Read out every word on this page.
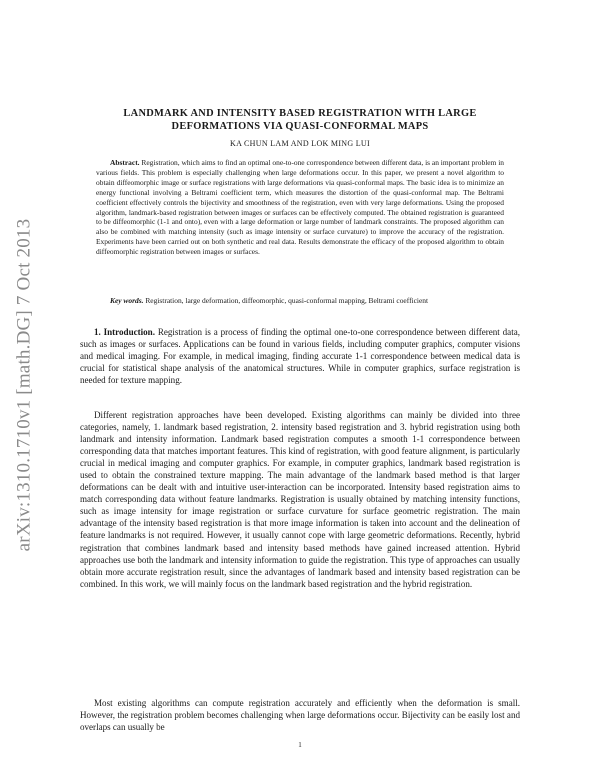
arXiv:1310.1710v1 [math.DG] 7 Oct 2013
LANDMARK AND INTENSITY BASED REGISTRATION WITH LARGE DEFORMATIONS VIA QUASI-CONFORMAL MAPS
KA CHUN LAM AND LOK MING LUI

Abstract. Registration, which aims to find an optimal one-to-one correspondence between different data, is an important problem in various fields. This problem is especially challenging when large deformations occur. In this paper, we present a novel algorithm to obtain diffeomorphic image or surface registrations with large deformations via quasi-conformal maps. The basic idea is to minimize an energy functional involving a Beltrami coefficient term, which measures the distortion of the quasi-conformal map. The Beltrami coefficient effectively controls the bijectivity and smoothness of the registration, even with very large deformations. Using the proposed algorithm, landmark-based registration between images or surfaces can be effectively computed. The obtained registration is guaranteed to be diffeomorphic (1-1 and onto), even with a large deformation or large number of landmark constraints. The proposed algorithm can also be combined with matching intensity (such as image intensity or surface curvature) to improve the accuracy of the registration. Experiments have been carried out on both synthetic and real data. Results demonstrate the efficacy of the proposed algorithm to obtain diffeomorphic registration between images or surfaces.

Key words. Registration, large deformation, diffeomorphic, quasi-conformal mapping, Beltrami coefficient

1. Introduction. Registration is a process of finding the optimal one-to-one correspondence between different data, such as images or surfaces. Applications can be found in various fields, including computer graphics, computer visions and medical imaging. For example, in medical imaging, finding accurate 1-1 correspondence between medical data is crucial for statistical shape analysis of the anatomical structures. While in computer graphics, surface registration is needed for texture mapping.

Different registration approaches have been developed. Existing algorithms can mainly be divided into three categories, namely, 1. landmark based registration, 2. intensity based registration and 3. hybrid registration using both landmark and intensity information. Landmark based registration computes a smooth 1-1 correspondence between corresponding data that matches important features. This kind of registration, with good feature alignment, is particularly crucial in medical imaging and computer graphics. For example, in computer graphics, landmark based registration is used to obtain the constrained texture mapping. The main advantage of the landmark based method is that larger deformations can be dealt with and intuitive user-interaction can be incorporated. Intensity based registration aims to match corresponding data without feature landmarks. Registration is usually obtained by matching intensity functions, such as image intensity for image registration or surface curvature for surface geometric registration. The main advantage of the intensity based registration is that more image information is taken into account and the delineation of feature landmarks is not required. However, it usually cannot cope with large geometric deformations. Recently, hybrid registration that combines landmark based and intensity based methods have gained increased attention. Hybrid approaches use both the landmark and intensity information to guide the registration. This type of approaches can usually obtain more accurate registration result, since the advantages of landmark based and intensity based registration can be combined. In this work, we will mainly focus on the landmark based registration and the hybrid registration.

Most existing algorithms can compute registration accurately and efficiently when the deformation is small. However, the registration problem becomes challenging when large deformations occur. Bijectivity can be easily lost and overlaps can usually be

1
